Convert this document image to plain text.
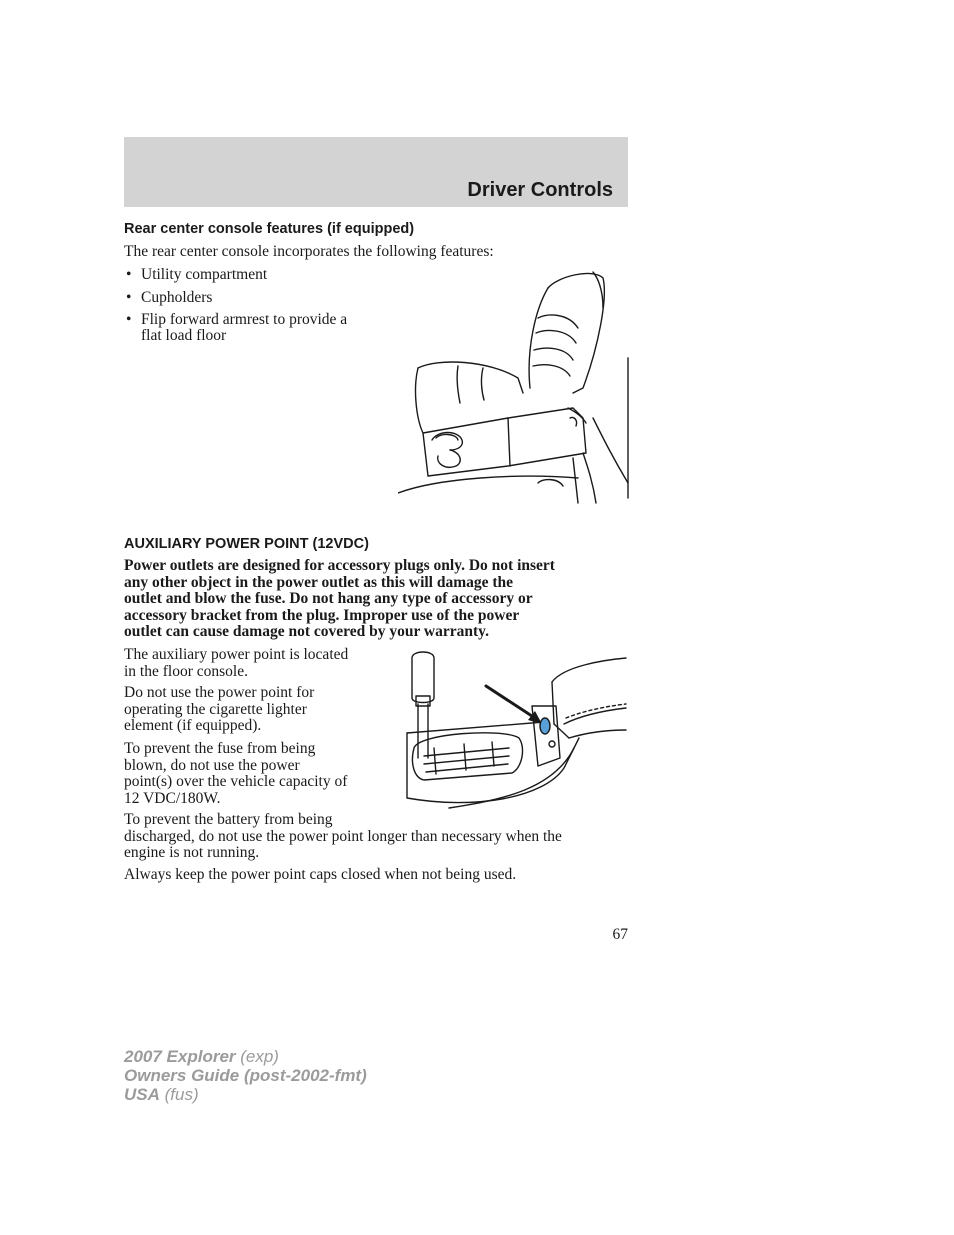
Driver Controls
Rear center console features (if equipped)
The rear center console incorporates the following features:
• Utility compartment
• Cupholders
• Flip forward armrest to provide a
flat load floor
AUXILIARY POWER POINT (12VDC)
Power outlets are designed for accessory plugs only. Do not insert
any other object in the power outlet as this will damage the
outlet and blow the fuse. Do not hang any type of accessory or
accessory bracket from the plug. Improper use of the power
outlet can cause damage not covered by your warranty.
The auxiliary power point is located
in the floor console.
Do not use the power point for
operating the cigarette lighter
element (if equipped).
To prevent the fuse from being
blown, do not use the power
point(s) over the vehicle capacity of
12 VDC/180W.
To prevent the battery from being
discharged, do not use the power point longer than necessary when the
engine is not running.
Always keep the power point caps closed when not being used.
67
2007 Explorer (exp)
Owners Guide (post-2002-fmt)
USA (fus)
